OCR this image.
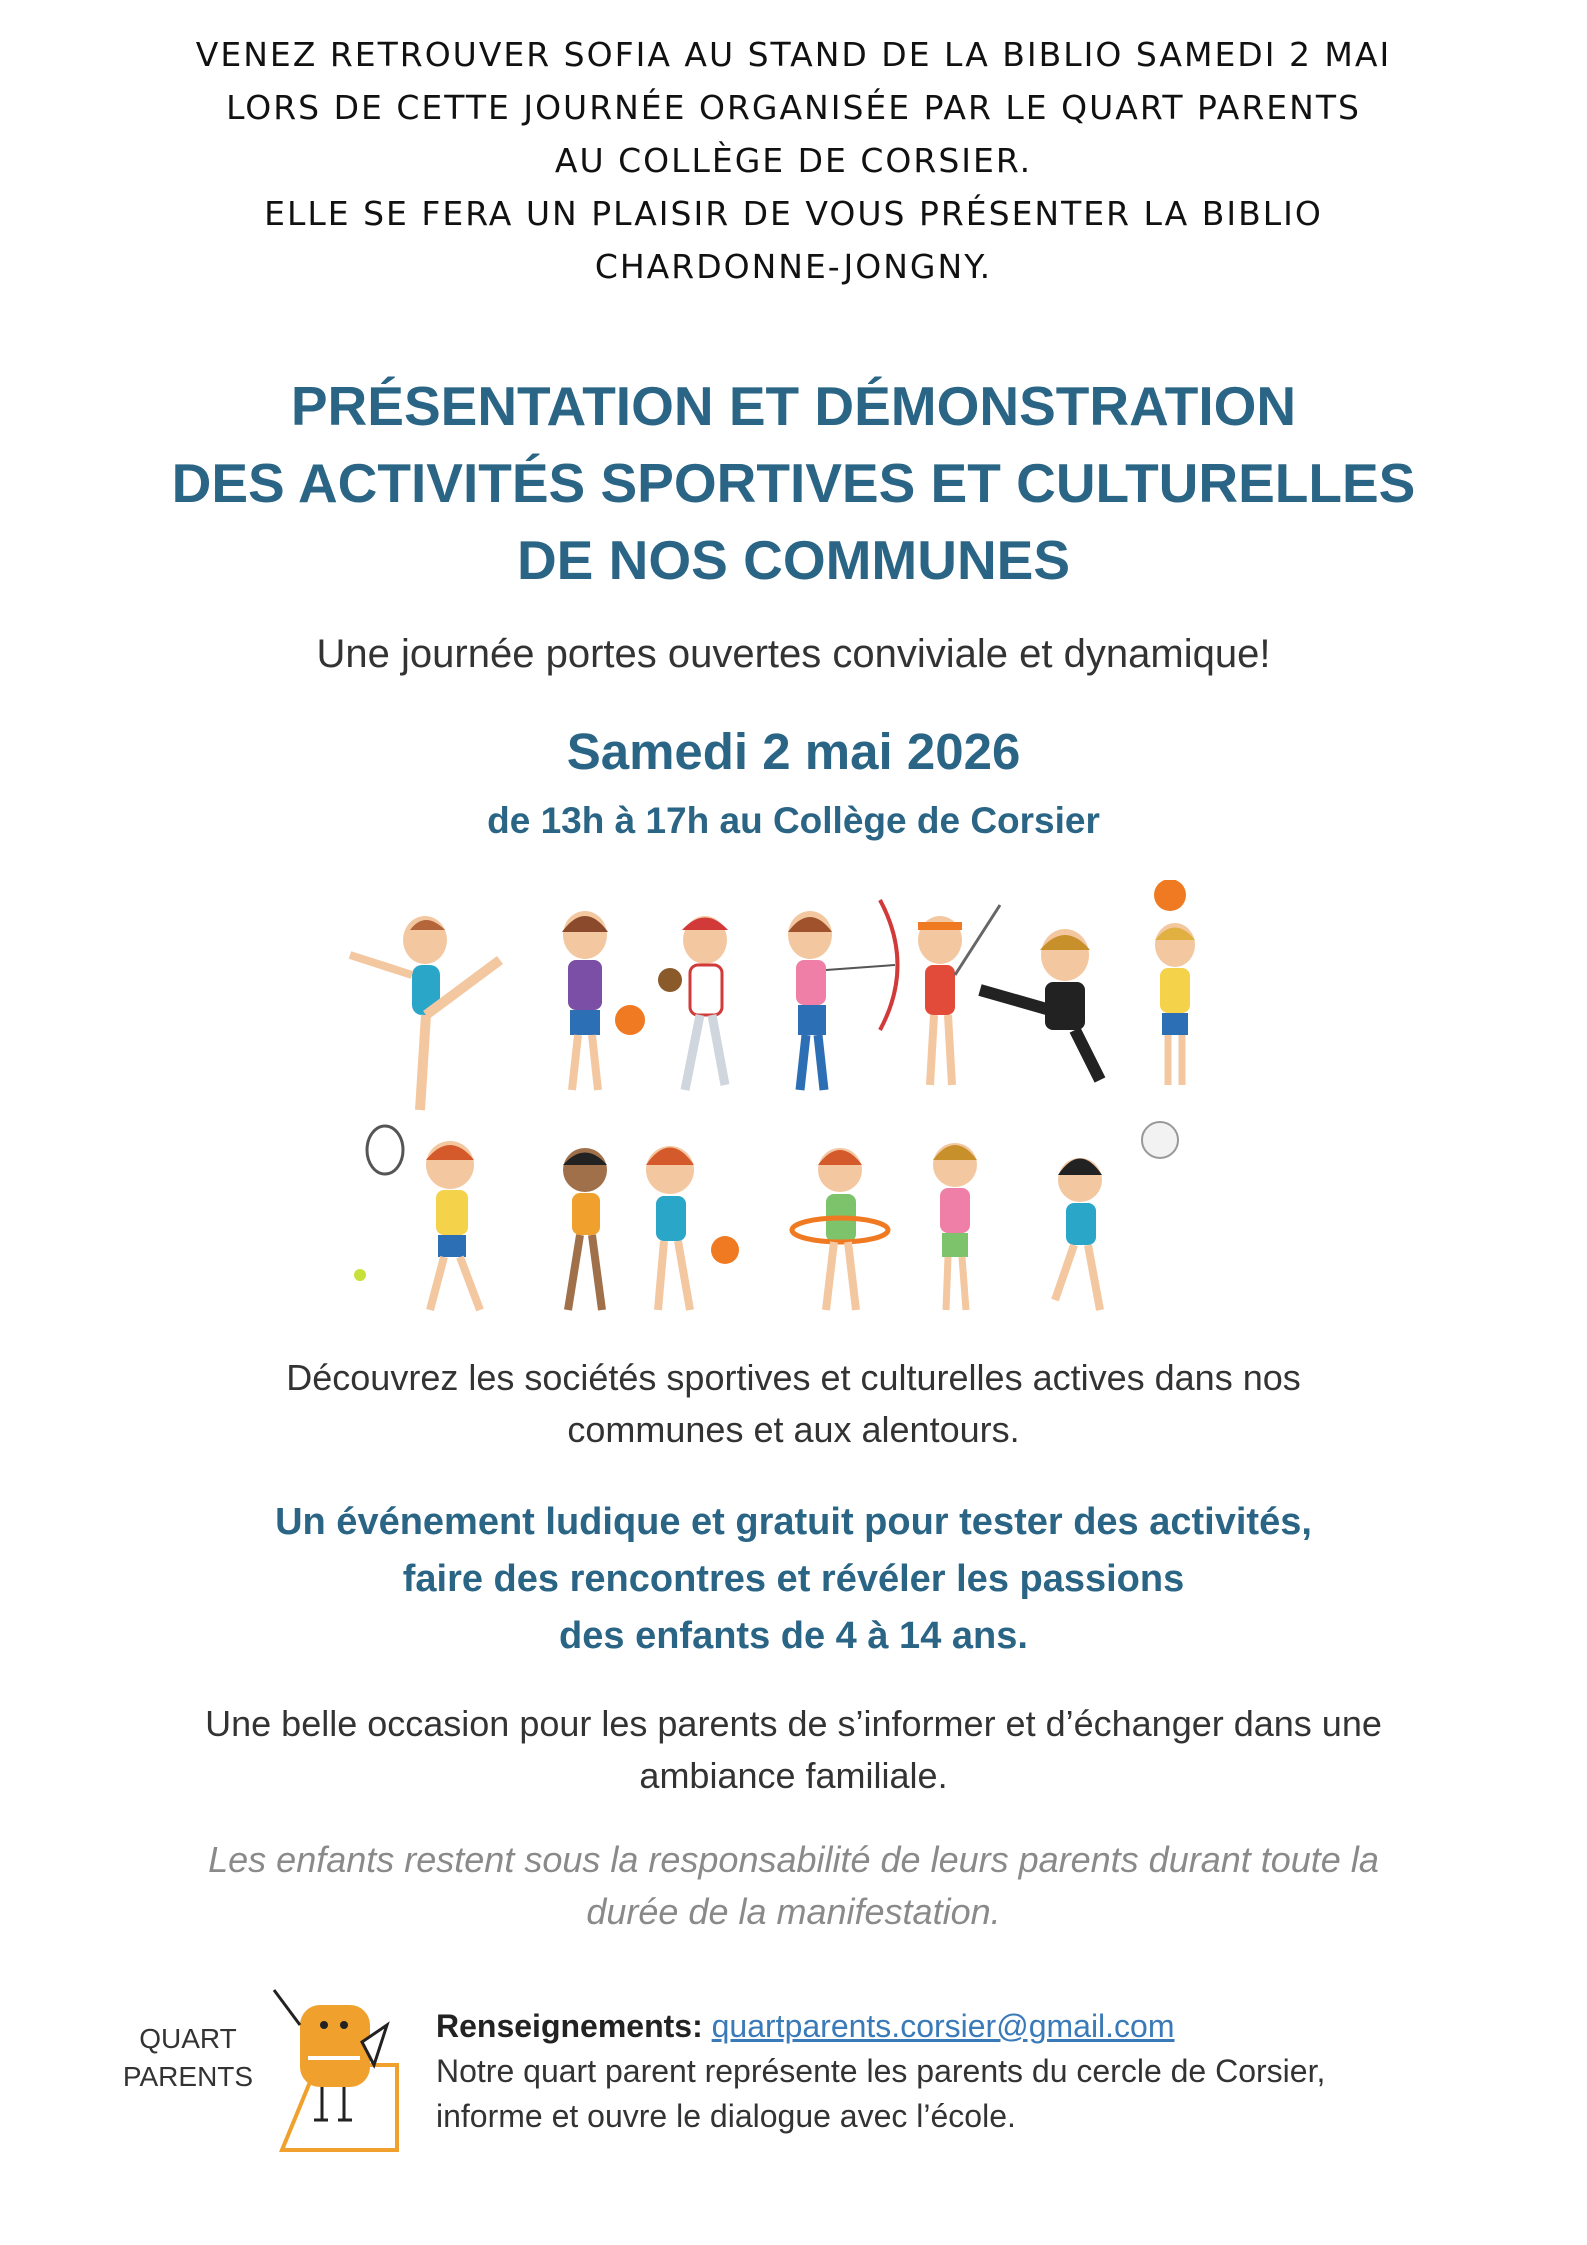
VENEZ RETROUVER SOFIA AU STAND DE LA BIBLIO SAMEDI 2 MAI
LORS DE CETTE JOURNÉE ORGANISÉE PAR LE QUART PARENTS
AU COLLÈGE DE CORSIER.
ELLE SE FERA UN PLAISIR DE VOUS PRÉSENTER LA BIBLIO
CHARDONNE-JONGNY.
PRÉSENTATION ET DÉMONSTRATION
DES ACTIVITÉS SPORTIVES ET CULTURELLES
DE NOS COMMUNES
Une journée portes ouvertes conviviale et dynamique!
Samedi 2 mai 2026
de 13h à 17h au Collège de Corsier
Découvrez les sociétés sportives et culturelles actives dans nos
communes et aux alentours.
Un événement ludique et gratuit pour tester des activités,
faire des rencontres et révéler les passions
des enfants de 4 à 14 ans.
Une belle occasion pour les parents de s’informer et d’échanger dans une
ambiance familiale.
Les enfants restent sous la responsabilité de leurs parents durant toute la
durée de la manifestation.
QUART
PARENTS
Renseignements: quartparents.corsier@gmail.com
Notre quart parent représente les parents du cercle de Corsier,
informe et ouvre le dialogue avec l’école.
